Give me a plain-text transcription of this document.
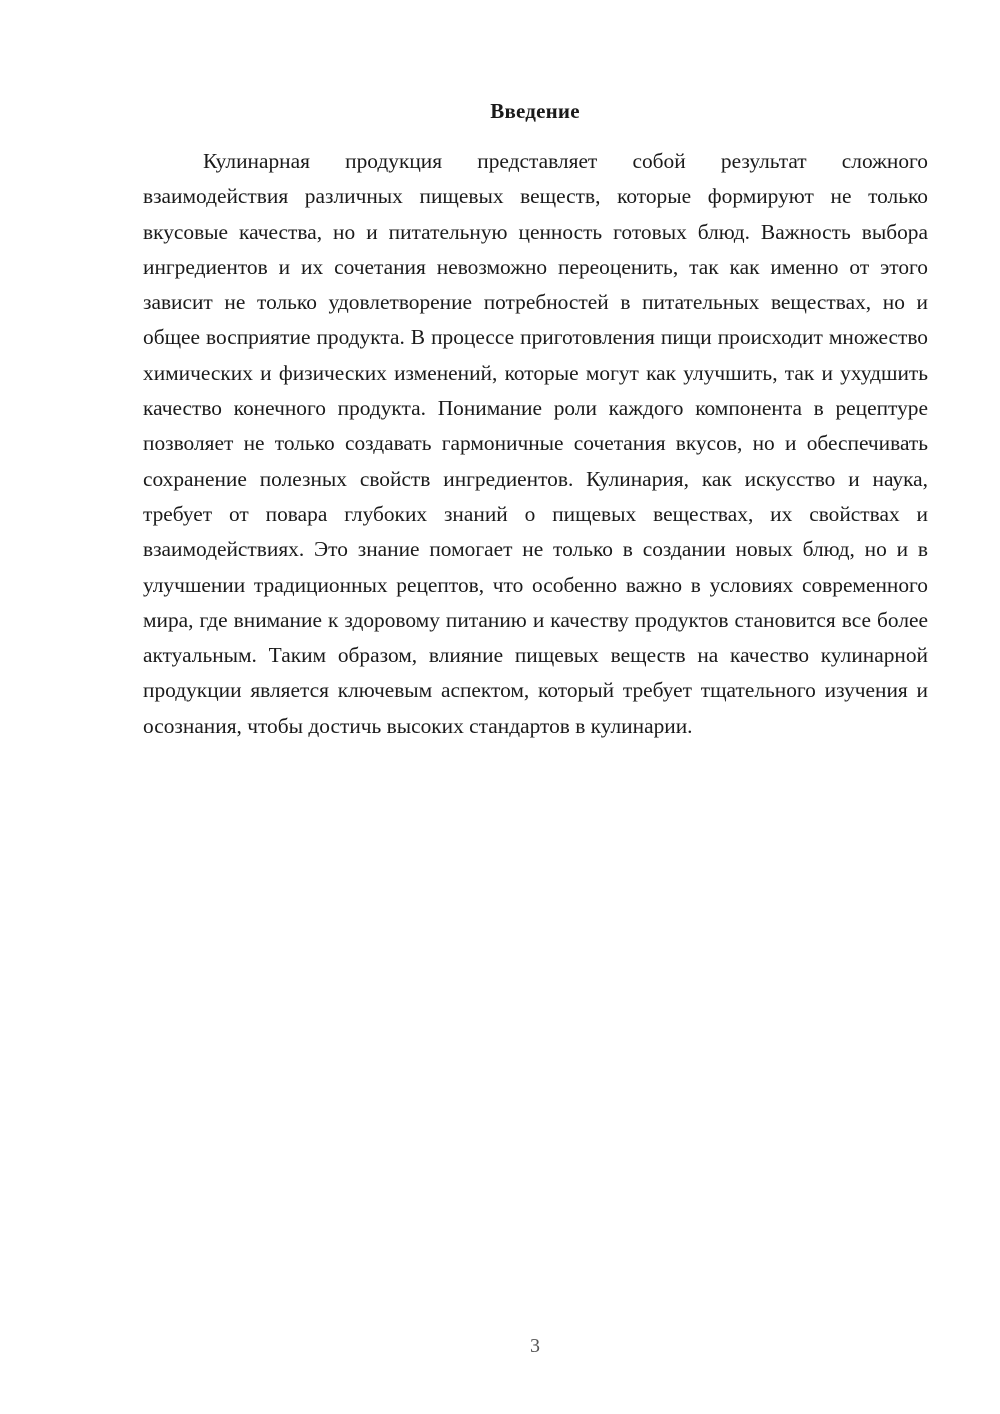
Введение

Кулинарная продукция представляет собой результат сложного взаимодействия различных пищевых веществ, которые формируют не только вкусовые качества, но и питательную ценность готовых блюд. Важность выбора ингредиентов и их сочетания невозможно переоценить, так как именно от этого зависит не только удовлетворение потребностей в питательных веществах, но и общее восприятие продукта. В процессе приготовления пищи происходит множество химических и физических изменений, которые могут как улучшить, так и ухудшить качество конечного продукта. Понимание роли каждого компонента в рецептуре позволяет не только создавать гармоничные сочетания вкусов, но и обеспечивать сохранение полезных свойств ингредиентов. Кулинария, как искусство и наука, требует от повара глубоких знаний о пищевых веществах, их свойствах и взаимодействиях. Это знание помогает не только в создании новых блюд, но и в улучшении традиционных рецептов, что особенно важно в условиях современного мира, где внимание к здоровому питанию и качеству продуктов становится все более актуальным. Таким образом, влияние пищевых веществ на качество кулинарной продукции является ключевым аспектом, который требует тщательного изучения и осознания, чтобы достичь высоких стандартов в кулинарии.

3
